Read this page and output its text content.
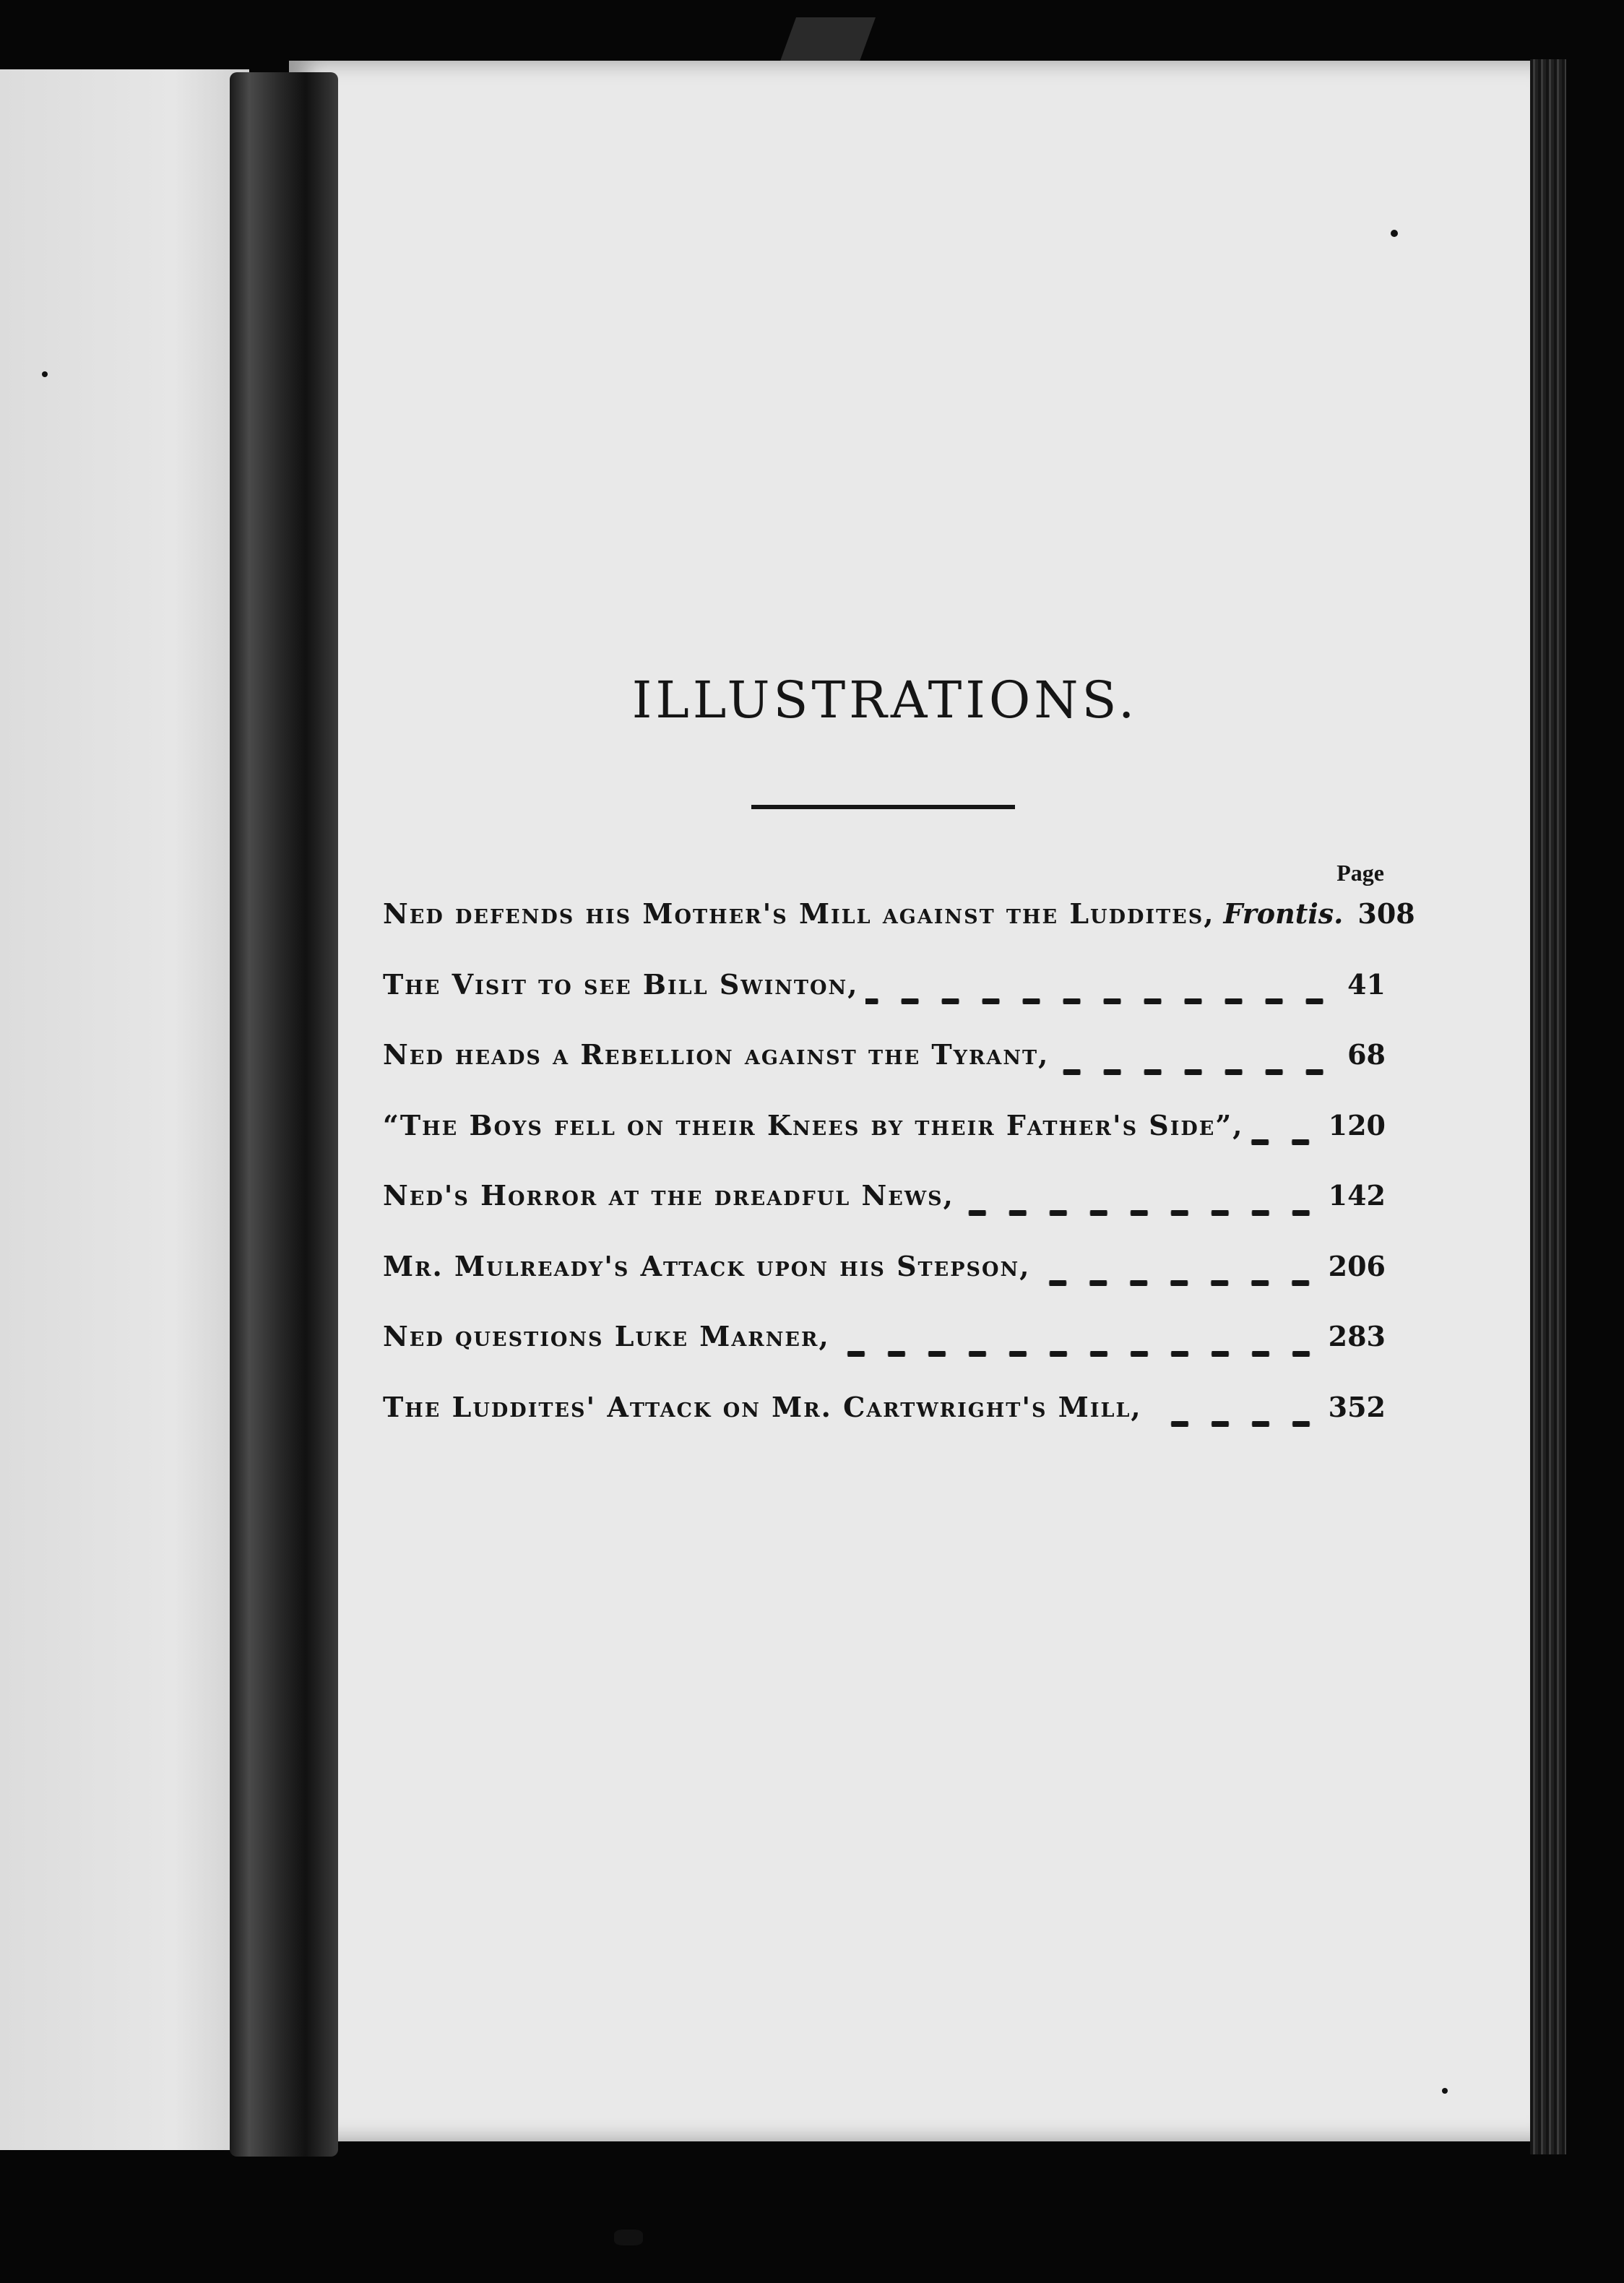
ILLUSTRATIONS.
Page
Ned defends his Mother's Mill against the Luddites, Frontis. 308
The Visit to see Bill Swinton,	41
Ned heads a Rebellion against the Tyrant,	68
“The Boys fell on their Knees by their Father's Side”,	120
Ned's Horror at the dreadful News,	142
Mr. Mulready's Attack upon his Stepson,	206
Ned questions Luke Marner,	283
The Luddites' Attack on Mr. Cartwright's Mill,	352
